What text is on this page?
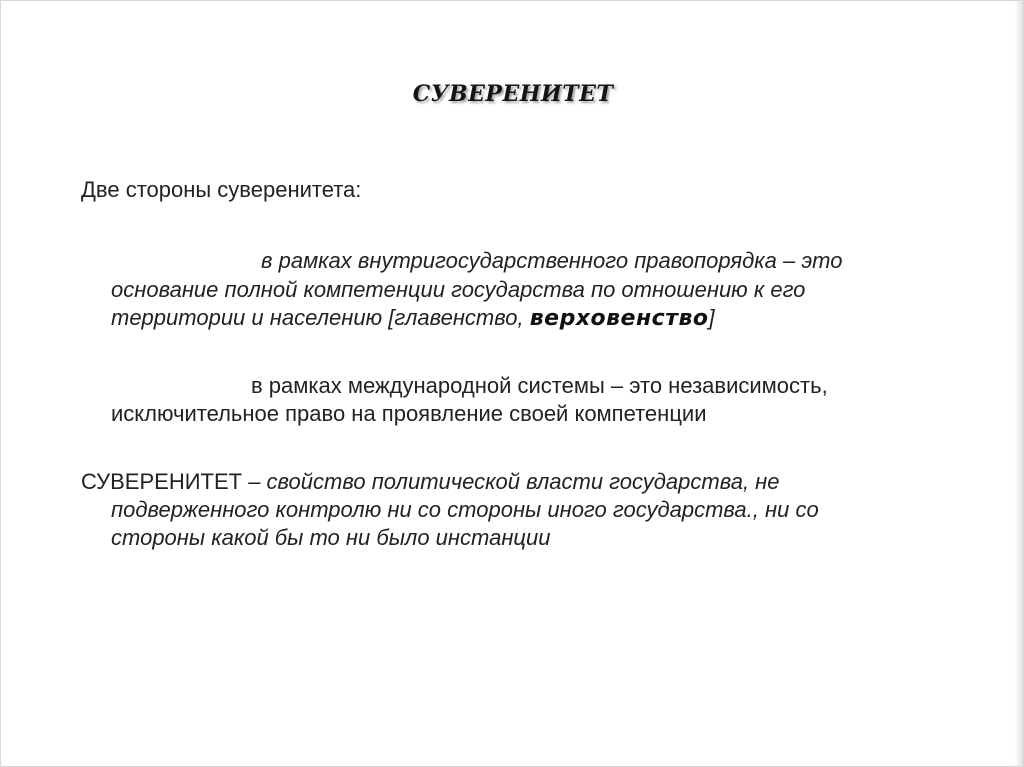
СУВЕРЕНИТЕТ
Две стороны суверенитета:
в рамках внутригосударственного правопорядка – это
основание полной компетенции государства по отношению к его
территории и населению [главенство, верховенство]
в рамках международной системы – это независимость,
исключительное право на проявление своей компетенции
СУВЕРЕНИТЕТ – свойство политической власти государства, не
подверженного контролю ни со стороны иного государства., ни со
стороны какой бы то ни было инстанции
